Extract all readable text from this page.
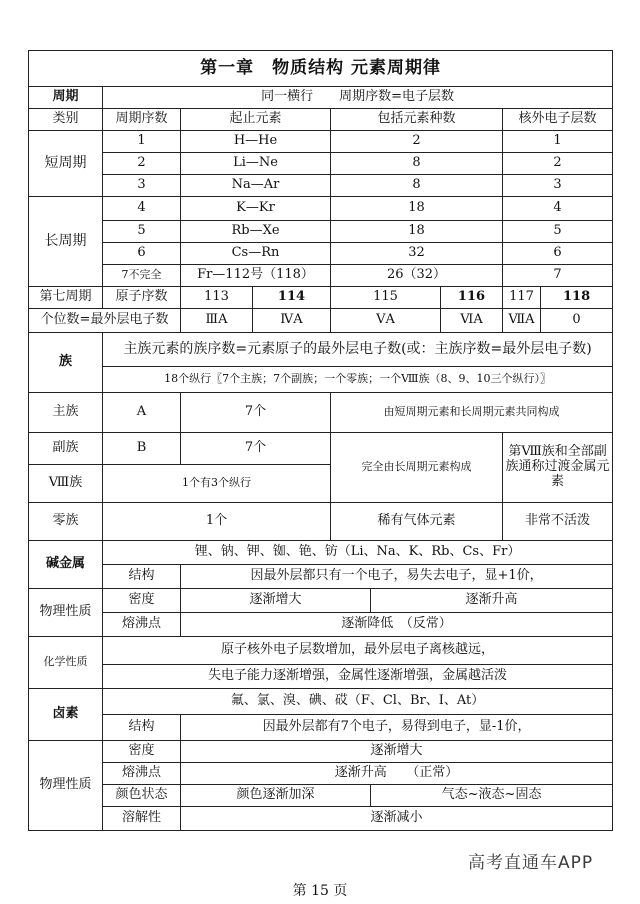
第一章　物质结构 元素周期律								
周期	同一横行　　周期序数=电子层数							
类别	周期序数	起止元素		包括元素种数			核外电子层数	
短周期	1	H—He		2			1	
	2	Li—Ne		8			2	
	3	Na—Ar		8			3	
长周期	4	K—Kr		18			4	
	5	Rb—Xe		18			5	
	6	Cs—Rn		32			6	
	7不完全	Fr—112号（118）		26（32）			7	
第七周期	原子序数	113	114	115		116	117	118
个位数=最外层电子数		ⅢA	ⅣA	ⅤA		ⅥA	ⅦA	0
族	主族元素的族序数=元素原子的最外层电子数(或：主族序数=最外层电子数)							
	18个纵行〖7个主族；7个副族；一个零族；一个Ⅷ族（8、9、10三个纵行）〗							
主族	A	7个		由短周期元素和长周期元素共同构成				
副族	B	7个		完全由长周期元素构成			第Ⅷ族和全部副族通称过渡金属元素	
Ⅷ族	1个有3个纵行							
零族	1个			稀有气体元素			非常不活泼	
碱金属	锂、钠、钾、铷、铯、钫（Li、Na、K、Rb、Cs、Fr）							
	结构	因最外层都只有一个电子，易失去电子，显+1价，						
物理性质	密度	逐渐增大			逐渐升高			
	熔沸点	逐渐降低　（反常）						
化学性质	原子核外电子层数增加，最外层电子离核越远，							
	失电子能力逐渐增强，金属性逐渐增强，金属越活泼							
卤素	氟、氯、溴、碘、砹（F、Cl、Br、I、At）							
	结构	因最外层都有7个电子，易得到电子，显-1价，						
物理性质	密度	逐渐增大						
	熔沸点	逐渐升高　　（正常）						
	颜色状态	颜色逐渐加深			气态~液态~固态			
	溶解性	逐渐减小						
高考直通车APP
第 15 页
